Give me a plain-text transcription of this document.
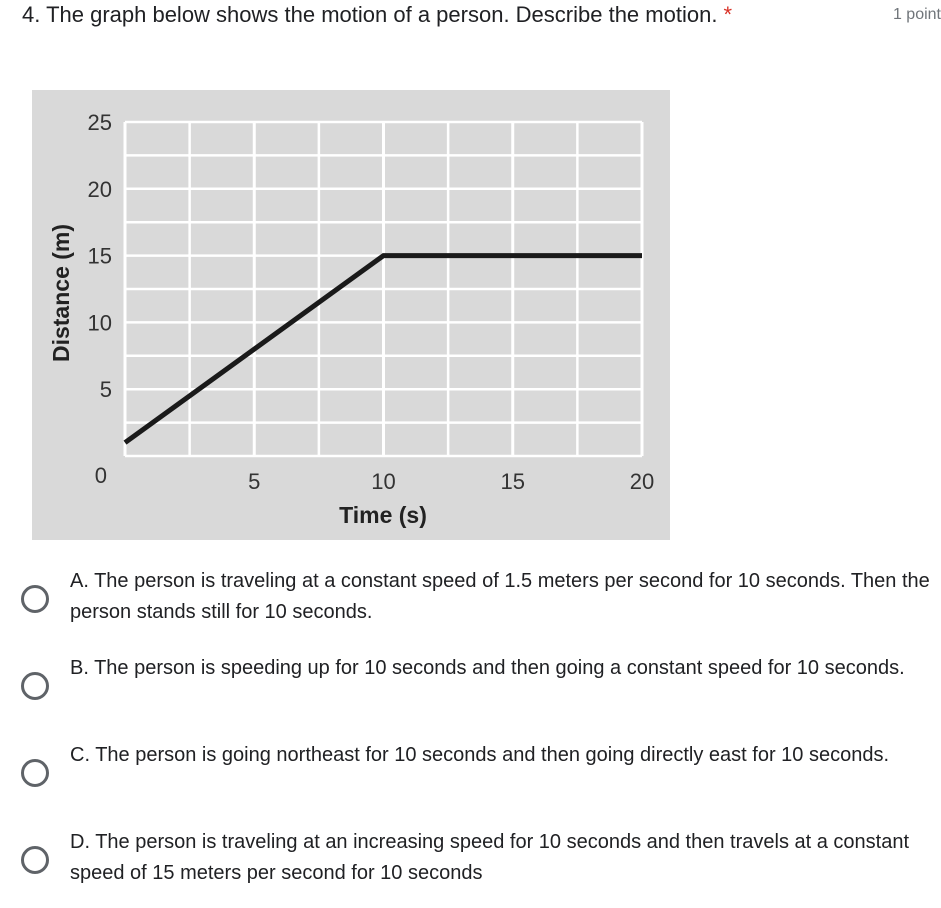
4. The graph below shows the motion of a person. Describe the motion. *	1 point
5
10
15
20
25
0	5	10	15	20
Time (s)
Distance (m)
A. The person is traveling at a constant speed of 1.5 meters per second for 10 seconds. Then the person stands still for 10 seconds.
B. The person is speeding up for 10 seconds and then going a constant speed for 10 seconds.
C. The person is going northeast for 10 seconds and then going directly east for 10 seconds.
D. The person is traveling at an increasing speed for 10 seconds and then travels at a constant speed of 15 meters per second for 10 seconds
